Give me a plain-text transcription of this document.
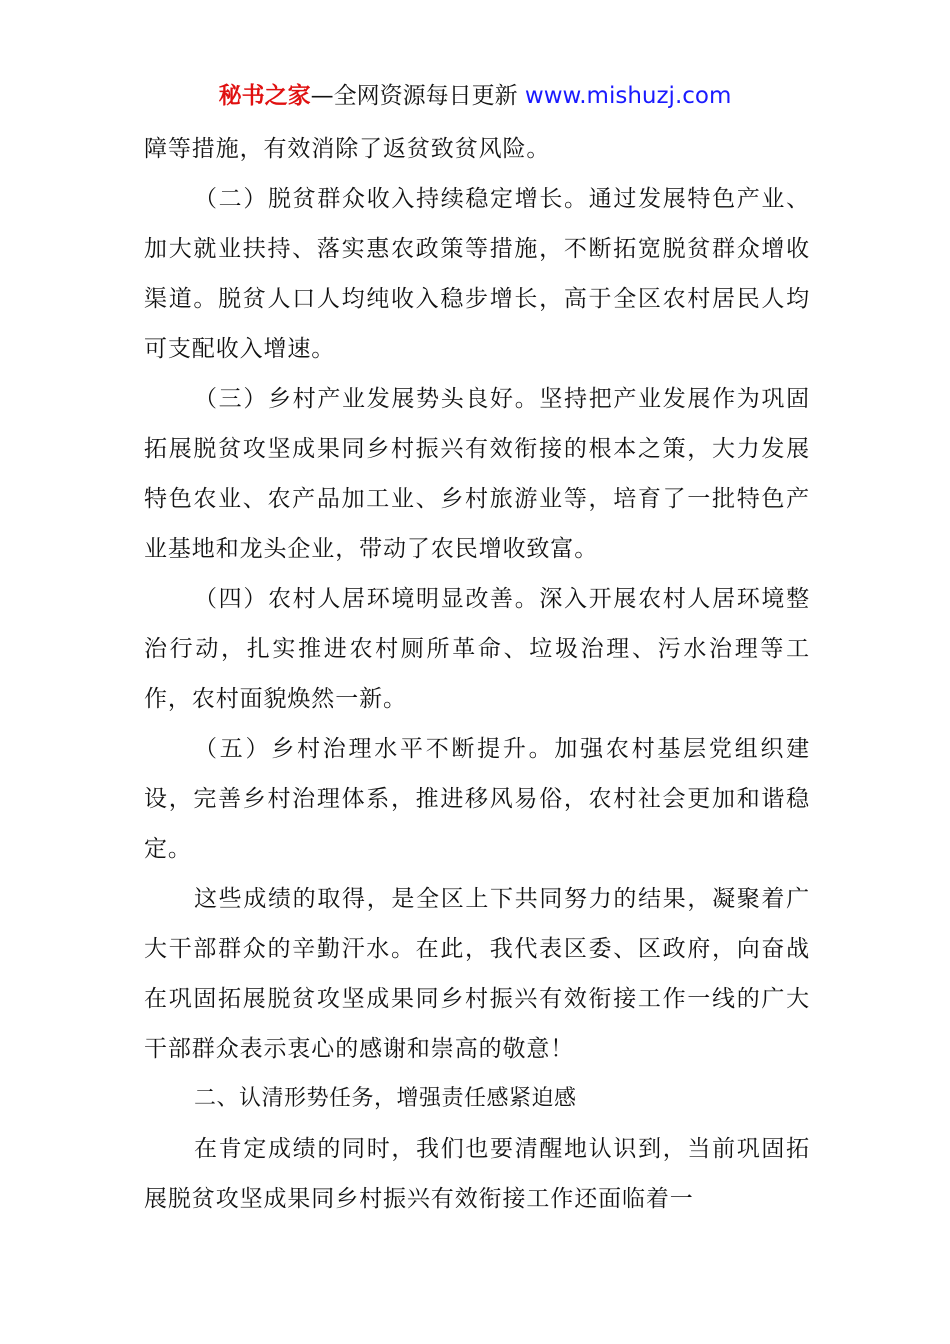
秘书之家—全网资源每日更新 www.mishuzj.com

障等措施，有效消除了返贫致贫风险。

（二）脱贫群众收入持续稳定增长。通过发展特色产业、加大就业扶持、落实惠农政策等措施，不断拓宽脱贫群众增收渠道。脱贫人口人均纯收入稳步增长，高于全区农村居民人均可支配收入增速。

（三）乡村产业发展势头良好。坚持把产业发展作为巩固拓展脱贫攻坚成果同乡村振兴有效衔接的根本之策，大力发展特色农业、农产品加工业、乡村旅游业等，培育了一批特色产业基地和龙头企业，带动了农民增收致富。

（四）农村人居环境明显改善。深入开展农村人居环境整治行动，扎实推进农村厕所革命、垃圾治理、污水治理等工作，农村面貌焕然一新。

（五）乡村治理水平不断提升。加强农村基层党组织建设，完善乡村治理体系，推进移风易俗，农村社会更加和谐稳定。

这些成绩的取得，是全区上下共同努力的结果，凝聚着广大干部群众的辛勤汗水。在此，我代表区委、区政府，向奋战在巩固拓展脱贫攻坚成果同乡村振兴有效衔接工作一线的广大干部群众表示衷心的感谢和崇高的敬意！

二、认清形势任务，增强责任感紧迫感

在肯定成绩的同时，我们也要清醒地认识到，当前巩固拓展脱贫攻坚成果同乡村振兴有效衔接工作还面临着一
